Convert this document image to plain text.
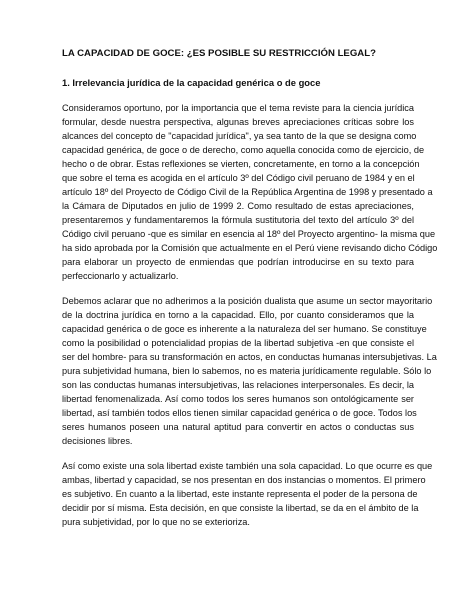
LA CAPACIDAD DE GOCE: ¿ES POSIBLE SU RESTRICCIÓN LEGAL?
1. Irrelevancia jurídica de la capacidad genérica o de goce
Consideramos oportuno, por la importancia que el tema reviste para la ciencia jurídica
formular, desde nuestra perspectiva, algunas breves apreciaciones críticas sobre los
alcances del concepto de "capacidad jurídica", ya sea tanto de la que se designa como
capacidad genérica, de goce o de derecho, como aquella conocida como de ejercicio, de
hecho o de obrar. Estas reflexiones se vierten, concretamente, en torno a la concepción
que sobre el tema es acogida en el artículo 3º del Código civil peruano de 1984 y en el
artículo 18º del Proyecto de Código Civil de la República Argentina de 1998 y presentado a
la Cámara de Diputados en julio de 1999 2. Como resultado de estas apreciaciones,
presentaremos y fundamentaremos la fórmula sustitutoria del texto del artículo 3º del
Código civil peruano -que es similar en esencia al 18º del Proyecto argentino- la misma que
ha sido aprobada por la Comisión que actualmente en el Perú viene revisando dicho Código
para elaborar un proyecto de enmiendas que podrían introducirse en su texto para
perfeccionarlo y actualizarlo.
Debemos aclarar que no adherimos a la posición dualista que asume un sector mayoritario
de la doctrina jurídica en torno a la capacidad. Ello, por cuanto consideramos que la
capacidad genérica o de goce es inherente a la naturaleza del ser humano. Se constituye
como la posibilidad o potencialidad propias de la libertad subjetiva -en que consiste el
ser del hombre- para su transformación en actos, en conductas humanas intersubjetivas. La
pura subjetividad humana, bien lo sabemos, no es materia jurídicamente regulable. Sólo lo
son las conductas humanas intersubjetivas, las relaciones interpersonales. Es decir, la
libertad fenomenalizada. Así como todos los seres humanos son ontológicamente ser
libertad, así también todos ellos tienen similar capacidad genérica o de goce. Todos los
seres humanos poseen una natural aptitud para convertir en actos o conductas sus
decisiones libres.
Así como existe una sola libertad existe también una sola capacidad. Lo que ocurre es que
ambas, libertad y capacidad, se nos presentan en dos instancias o momentos. El primero
es subjetivo. En cuanto a la libertad, este instante representa el poder de la persona de
decidir por sí misma. Esta decisión, en que consiste la libertad, se da en el ámbito de la
pura subjetividad, por lo que no se exterioriza.
